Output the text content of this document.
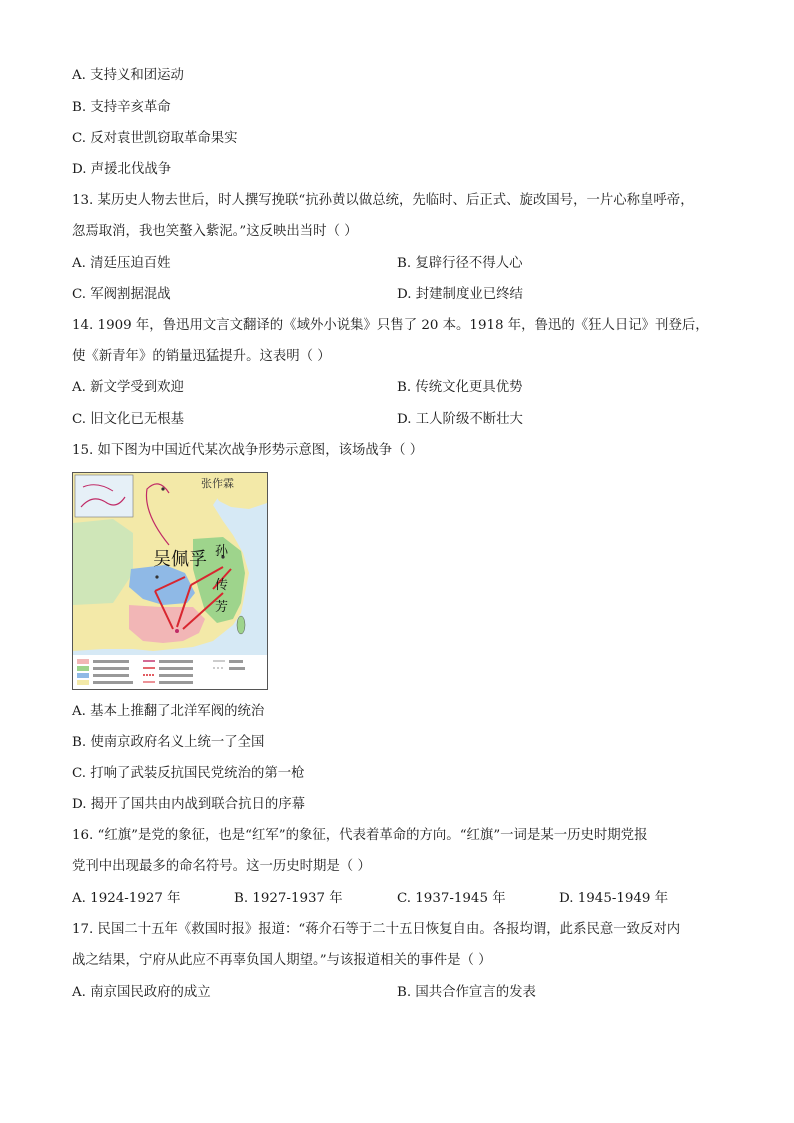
A. 支持义和团运动
B. 支持辛亥革命
C. 反对袁世凯窃取革命果实
D. 声援北伐战争
13. 某历史人物去世后，时人撰写挽联“抗孙黄以做总统，先临时、后正式、旋改国号，一片心称皇呼帝，
忽焉取消，我也笑螯入紫泥。”这反映出当时（ ）
A. 清廷压迫百姓	B. 复辟行径不得人心
C. 军阀割据混战	D. 封建制度业已终结
14. 1909 年，鲁迅用文言文翻译的《域外小说集》只售了 20 本。1918 年，鲁迅的《狂人日记》刊登后，
使《新青年》的销量迅猛提升。这表明（ ）
A. 新文学受到欢迎	B. 传统文化更具优势
C. 旧文化已无根基	D. 工人阶级不断壮大
15. 如下图为中国近代某次战争形势示意图，该场战争（ ）
张作霖
吴佩孚 孙
传
芳
A. 基本上推翻了北洋军阀的统治
B. 使南京政府名义上统一了全国
C. 打响了武装反抗国民党统治的第一枪
D. 揭开了国共由内战到联合抗日的序幕
16. “红旗”是党的象征，也是“红军”的象征，代表着革命的方向。“红旗”一词是某一历史时期党报
党刊中出现最多的命名符号。这一历史时期是（ ）
A. 1924-1927 年	B. 1927-1937 年	C. 1937-1945 年	D. 1945-1949 年
17. 民国二十五年《救国时报》报道：“蒋介石等于二十五日恢复自由。各报均谓，此系民意一致反对内
战之结果，宁府从此应不再辜负国人期望。”与该报道相关的事件是（ ）
A. 南京国民政府的成立	B. 国共合作宣言的发表
